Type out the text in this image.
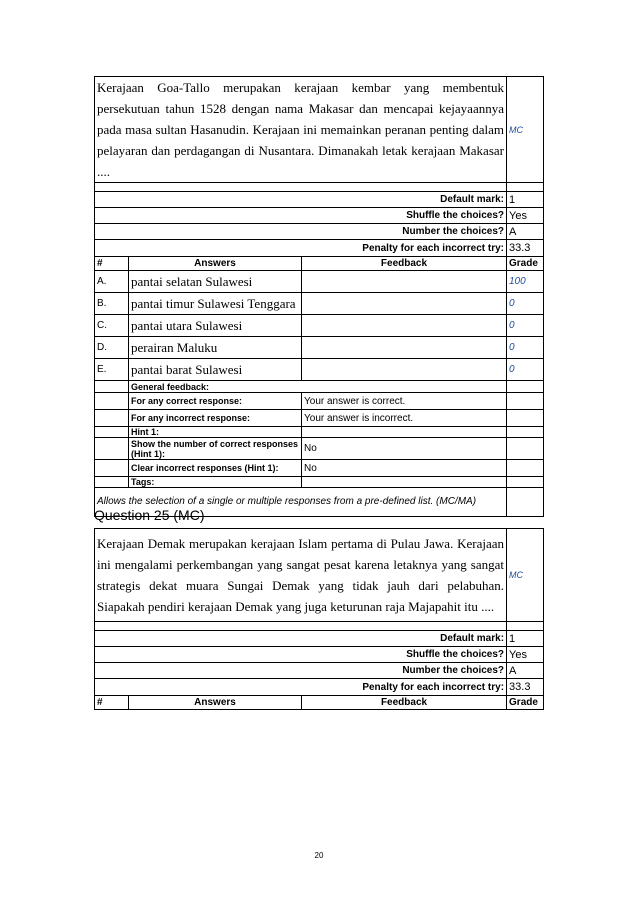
Kerajaan Goa-Tallo merupakan kerajaan kembar yang membentuk persekutuan tahun 1528 dengan nama Makasar dan mencapai kejayaannya pada masa sultan Hasanudin. Kerajaan ini memainkan peranan penting dalam pelayaran dan perdagangan di Nusantara. Dimanakah letak kerajaan Makasar ....			MC

Default mark:			1
Shuffle the choices?			Yes
Number the choices?			A
Penalty for each incorrect try:			33.3
#	Answers	Feedback	Grade
A.	pantai selatan Sulawesi		100
B.	pantai timur Sulawesi Tenggara		0
C.	pantai utara Sulawesi		0
D.	perairan Maluku		0
E.	pantai barat Sulawesi		0
	General feedback:		
	For any correct response:	Your answer is correct.	
	For any incorrect response:	Your answer is incorrect.	
	Hint 1:		
	Show the number of correct responses (Hint 1):	No	
	Clear incorrect responses (Hint 1):	No	
	Tags:		
Allows the selection of a single or multiple responses from a pre-defined list. (MC/MA)			
Question 25 (MC)
Kerajaan Demak merupakan kerajaan Islam pertama di Pulau Jawa. Kerajaan ini mengalami perkembangan yang sangat pesat karena letaknya yang sangat strategis dekat muara Sungai Demak yang tidak jauh dari pelabuhan. Siapakah pendiri kerajaan Demak yang juga keturunan raja Majapahit itu ....			MC

Default mark:			1
Shuffle the choices?			Yes
Number the choices?			A
Penalty for each incorrect try:			33.3
#	Answers	Feedback	Grade
20
